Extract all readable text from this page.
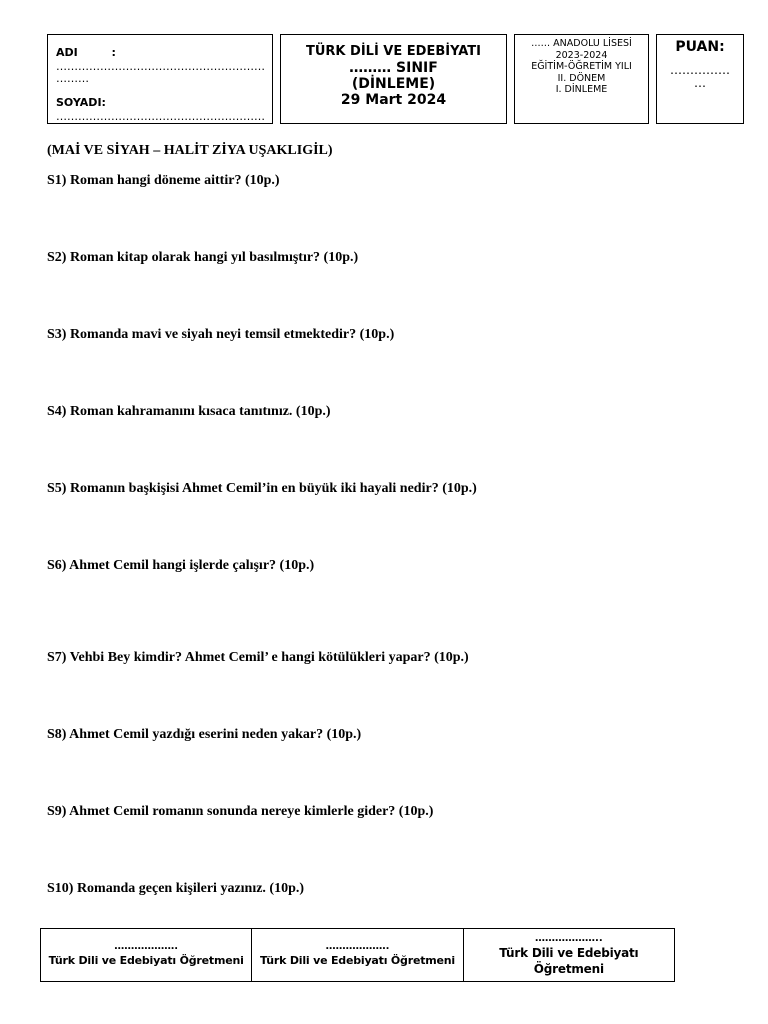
ADI	:
…………………………………………………
………
SOYADI:
…………………………………………………
TÜRK DİLİ VE EDEBİYATI
……… SINIF
(DİNLEME)
29 Mart 2024
…… ANADOLU LİSESİ
2023-2024
EĞİTİM-ÖĞRETİM YILI
II. DÖNEM
I. DİNLEME
PUAN:
……………
…
(MAİ VE SİYAH – HALİT ZİYA UŞAKLIGİL)
S1) Roman hangi döneme aittir? (10p.)
S2) Roman kitap olarak hangi yıl basılmıştır? (10p.)
S3) Romanda mavi ve siyah neyi temsil etmektedir? (10p.)
S4) Roman kahramanını kısaca tanıtınız. (10p.)
S5) Romanın başkişisi Ahmet Cemil’in en büyük iki hayali nedir? (10p.)
S6) Ahmet Cemil hangi işlerde çalışır? (10p.)
S7) Vehbi Bey kimdir? Ahmet Cemil’ e hangi kötülükleri yapar? (10p.)
S8) Ahmet Cemil yazdığı eserini neden yakar? (10p.)
S9) Ahmet Cemil romanın sonunda nereye kimlerle gider? (10p.)
S10) Romanda geçen kişileri yazınız. (10p.)
……………….
Türk Dili ve Edebiyatı Öğretmeni

……………….
Türk Dili ve Edebiyatı Öğretmeni

………………..
Türk Dili ve Edebiyatı Öğretmeni
